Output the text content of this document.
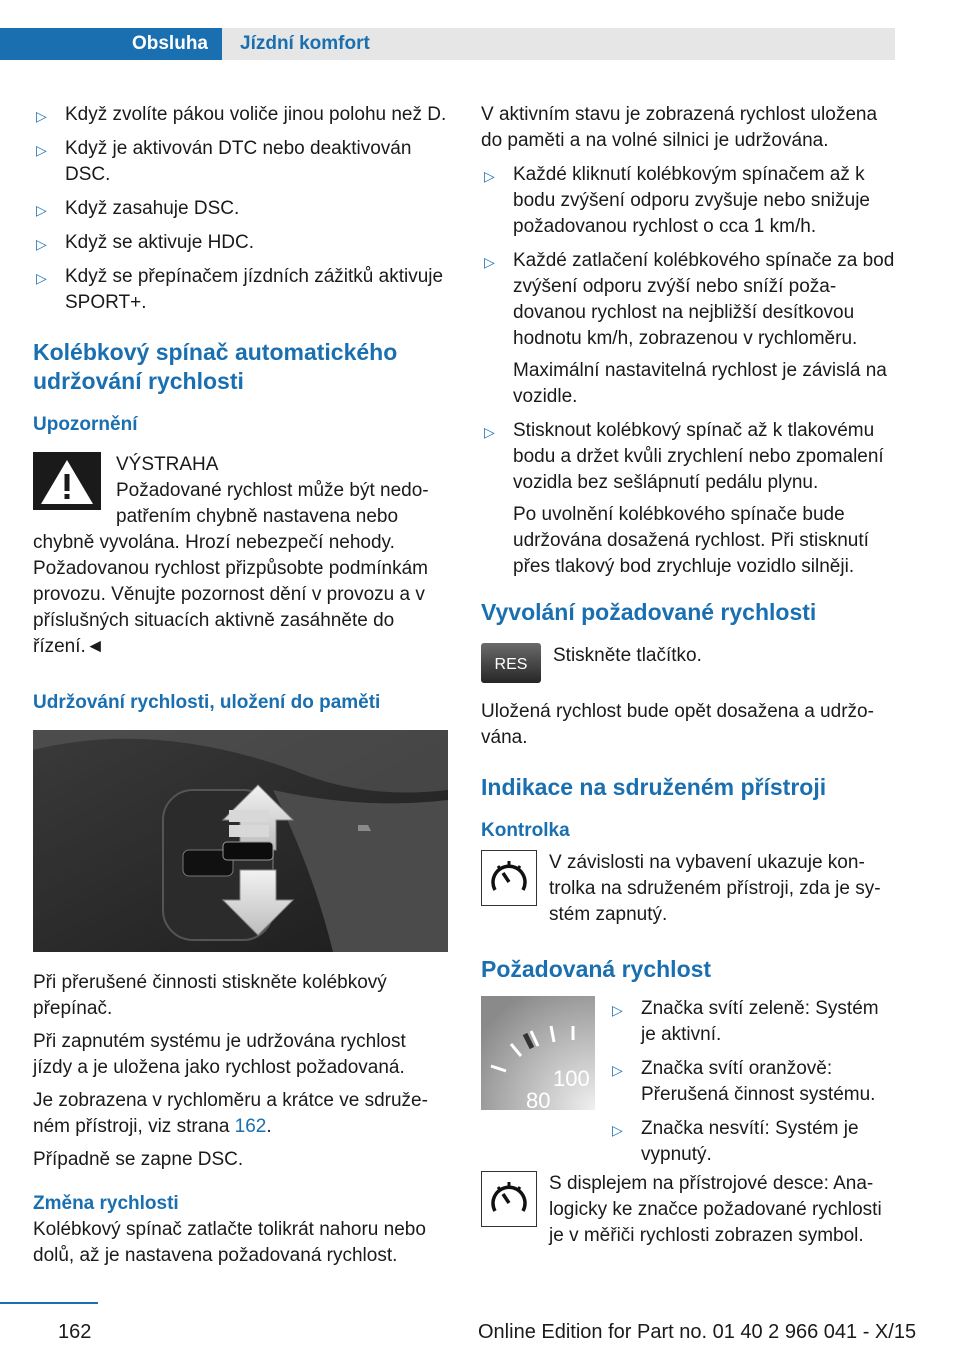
Obsluha Jízdní komfort
▷ Když zvolíte pákou voliče jinou polohu než D.

▷ Když je aktivován DTC nebo deaktivován DSC.

▷ Když zasahuje DSC.

▷ Když se aktivuje HDC.

▷ Když se přepínačem jízdních zážitků aktivuje SPORT+.

Kolébkový spínač automatického udržování rychlosti
Upozornění

VÝSTRAHA

Požadované rychlost může být nedopatřením chybně nastavena nebo chybně vyvolána. Hrozí nebezpečí nehody. Požadovanou rychlost přizpůsobte podmínkám provozu. Věnujte pozornost dění v provozu a v příslušných situacích aktivně zasáhněte do řízení.◄

Udržování rychlosti, uložení do paměti

Při přerušené činnosti stiskněte kolébkový přepínač.

Při zapnutém systému je udržována rychlost jízdy a je uložena jako rychlost požadovaná.

Je zobrazena v rychloměru a krátce ve sdruženém přístroji, viz strana 162.

Případně se zapne DSC.

Změna rychlosti

Kolébkový spínač zatlačte tolikrát nahoru nebo dolů, až je nastavena požadovaná rychlost.

V aktivním stavu je zobrazená rychlost uložena do paměti a na volné silnici je udržována.

▷ Každé kliknutí kolébkovým spínačem až k bodu zvýšení odporu zvyšuje nebo snižuje požadovanou rychlost o cca 1 km/h.

▷ Každé zatlačení kolébkového spínače za bod zvýšení odporu zvýší nebo sníží požadovanou rychlost na nejbližší desítkovou hodnotu km/h, zobrazenou v rychloměru.

Maximální nastavitelná rychlost je závislá na vozidle.

▷ Stisknout kolébkový spínač až k tlakovému bodu a držet kvůli zrychlení nebo zpomalení vozidla bez sešlápnutí pedálu plynu.

Po uvolnění kolébkového spínače bude udržována dosažená rychlost. Při stisknutí přes tlakový bod zrychluje vozidlo silněji.

Vyvolání požadované rychlosti
RES	Stiskněte tlačítko.

Uložená rychlost bude opět dosažena a udržována.

Indikace na sdruženém přístroji
Kontrolka

V závislosti na vybavení ukazuje kontrolka na sdruženém přístroji, zda je systém zapnutý.

Požadovaná rychlost
100
80
▷ Značka svítí zeleně: Systém je aktivní.

▷ Značka svítí oranžově: Přerušená činnost systému.

▷ Značka nesvítí: Systém je vypnutý.

S displejem na přístrojové desce: Analogicky ke značce požadované rychlosti je v měřiči rychlosti zobrazen symbol.

162	Online Edition for Part no. 01 40 2 966 041 - X/15
